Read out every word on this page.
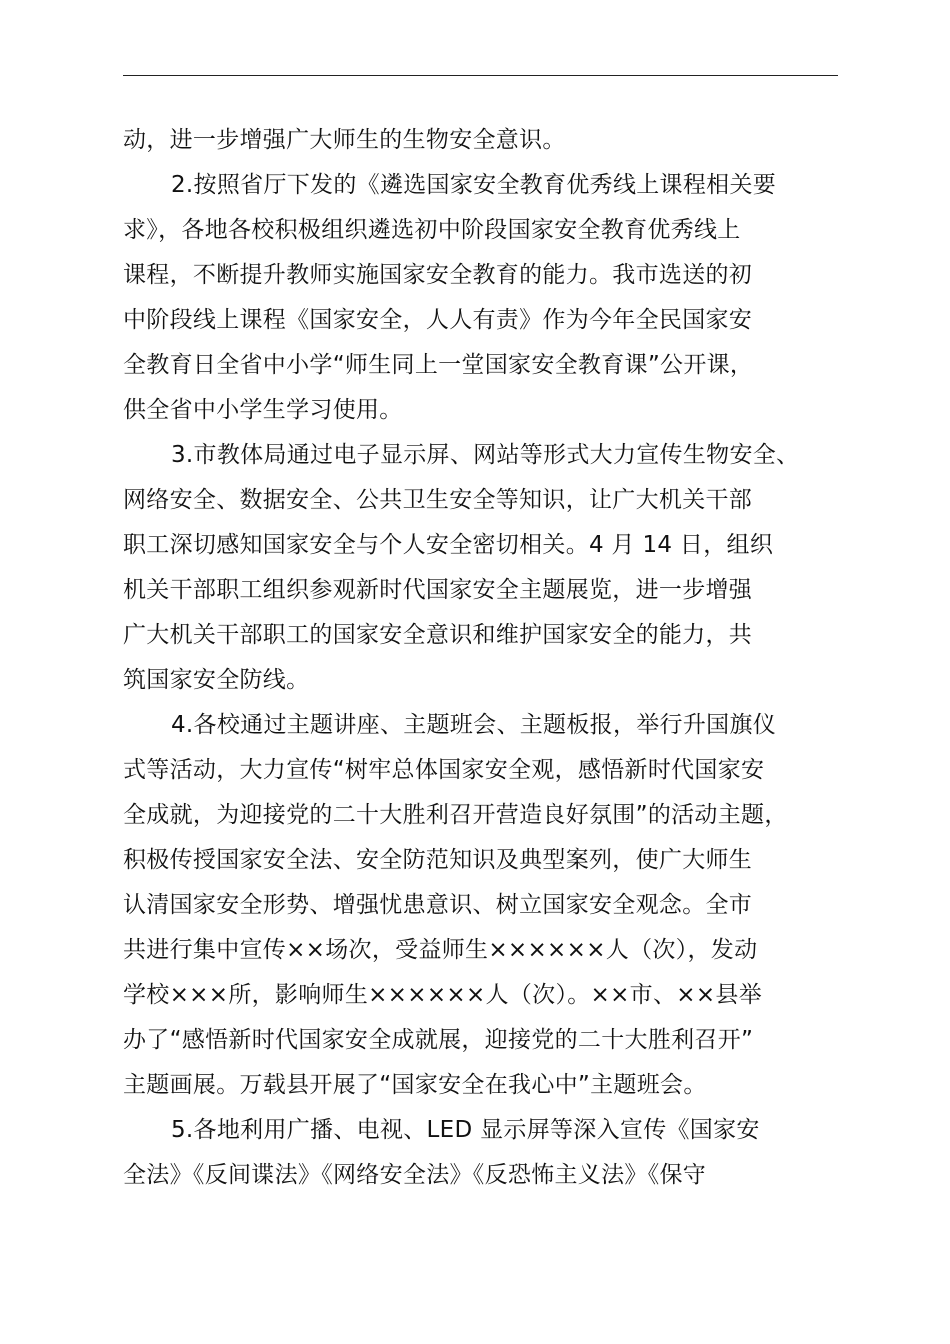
动，进一步增强广大师生的生物安全意识。
2.按照省厅下发的《遴选国家安全教育优秀线上课程相关要
求》，各地各校积极组织遴选初中阶段国家安全教育优秀线上
课程，不断提升教师实施国家安全教育的能力。我市选送的初
中阶段线上课程《国家安全，人人有责》作为今年全民国家安
全教育日全省中小学“师生同上一堂国家安全教育课”公开课，
供全省中小学生学习使用。
3.市教体局通过电子显示屏、网站等形式大力宣传生物安全、
网络安全、数据安全、公共卫生安全等知识，让广大机关干部
职工深切感知国家安全与个人安全密切相关。4 月 14 日，组织
机关干部职工组织参观新时代国家安全主题展览，进一步增强
广大机关干部职工的国家安全意识和维护国家安全的能力，共
筑国家安全防线。
4.各校通过主题讲座、主题班会、主题板报，举行升国旗仪
式等活动，大力宣传“树牢总体国家安全观，感悟新时代国家安
全成就，为迎接党的二十大胜利召开营造良好氛围”的活动主题，
积极传授国家安全法、安全防范知识及典型案列，使广大师生
认清国家安全形势、增强忧患意识、树立国家安全观念。全市
共进行集中宣传××场次，受益师生××××××人（次），发动
学校×××所，影响师生××××××人（次）。××市、××县举
办了“感悟新时代国家安全成就展，迎接党的二十大胜利召开”
主题画展。万载县开展了“国家安全在我心中”主题班会。
5.各地利用广播、电视、LED 显示屏等深入宣传《国家安
全法》《反间谍法》《网络安全法》《反恐怖主义法》《保守
